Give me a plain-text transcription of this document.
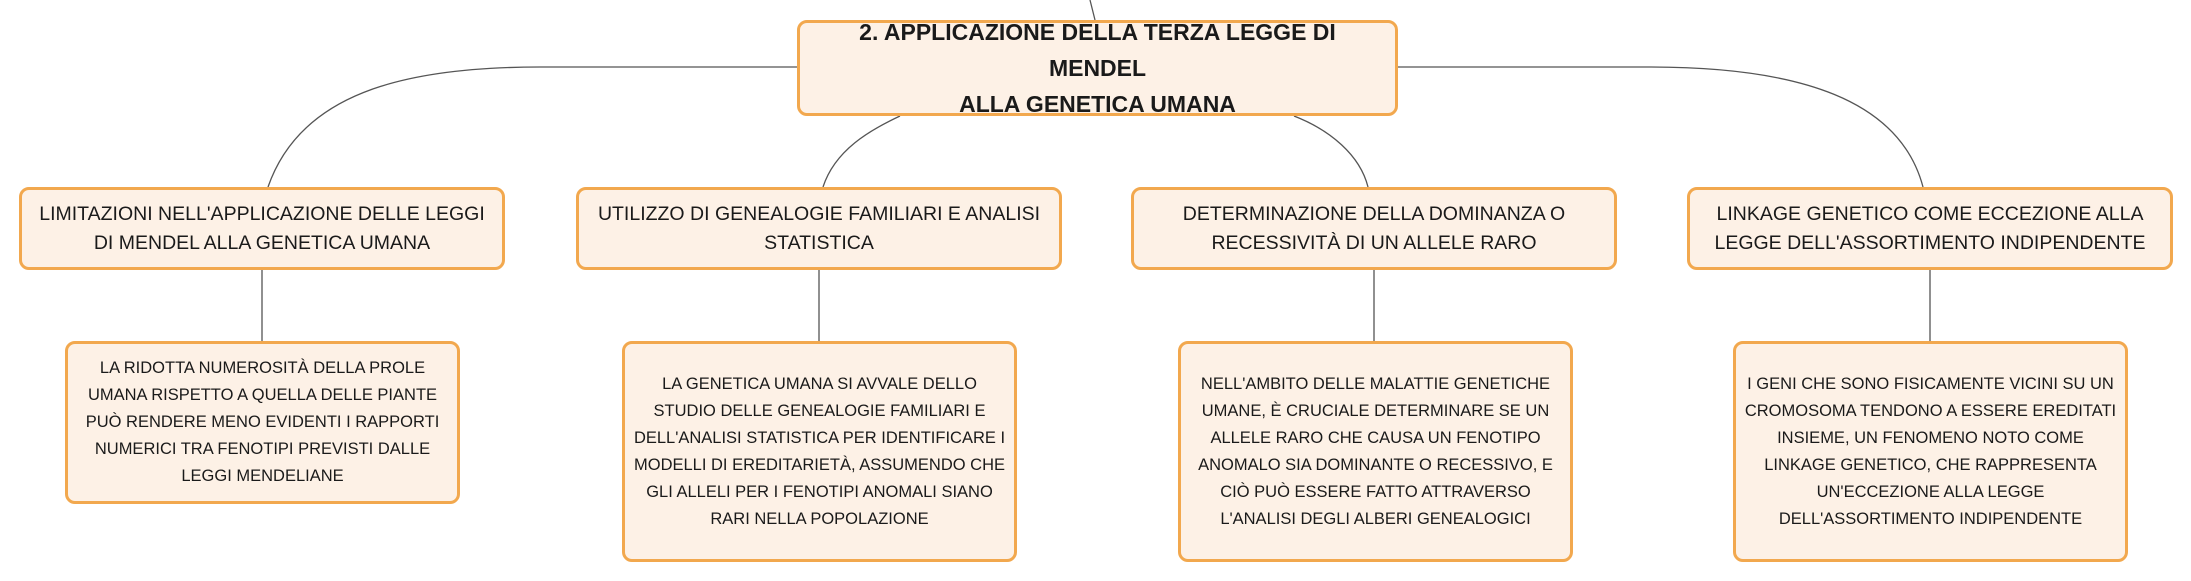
2. APPLICAZIONE DELLA TERZA LEGGE DI MENDEL
ALLA GENETICA UMANA
LIMITAZIONI NELL'APPLICAZIONE DELLE LEGGI DI MENDEL ALLA GENETICA UMANA
UTILIZZO DI GENEALOGIE FAMILIARI E ANALISI STATISTICA
DETERMINAZIONE DELLA DOMINANZA O RECESSIVITÀ DI UN ALLELE RARO
LINKAGE GENETICO COME ECCEZIONE ALLA LEGGE DELL'ASSORTIMENTO INDIPENDENTE
LA RIDOTTA NUMEROSITÀ DELLA PROLE UMANA RISPETTO A QUELLA DELLE PIANTE PUÒ RENDERE MENO EVIDENTI I RAPPORTI NUMERICI TRA FENOTIPI PREVISTI DALLE LEGGI MENDELIANE
LA GENETICA UMANA SI AVVALE DELLO STUDIO DELLE GENEALOGIE FAMILIARI E DELL'ANALISI STATISTICA PER IDENTIFICARE I MODELLI DI EREDITARIETÀ, ASSUMENDO CHE GLI ALLELI PER I FENOTIPI ANOMALI SIANO RARI NELLA POPOLAZIONE
NELL'AMBITO DELLE MALATTIE GENETICHE UMANE, È CRUCIALE DETERMINARE SE UN ALLELE RARO CHE CAUSA UN FENOTIPO ANOMALO SIA DOMINANTE O RECESSIVO, E CIÒ PUÒ ESSERE FATTO ATTRAVERSO L'ANALISI DEGLI ALBERI GENEALOGICI
I GENI CHE SONO FISICAMENTE VICINI SU UN CROMOSOMA TENDONO A ESSERE EREDITATI INSIEME, UN FENOMENO NOTO COME LINKAGE GENETICO, CHE RAPPRESENTA UN'ECCEZIONE ALLA LEGGE DELL'ASSORTIMENTO INDIPENDENTE
